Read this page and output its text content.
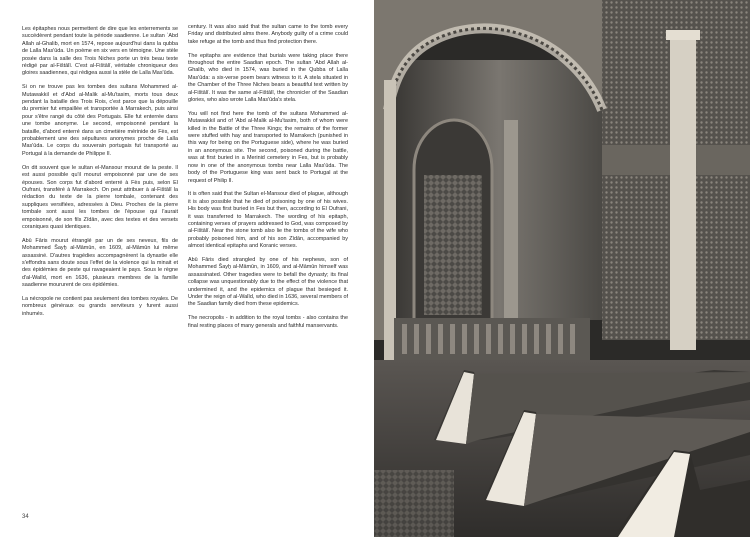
Les épitaphes nous permettent de dire que les enterrements se succédèrent pendant toute la période saadienne. Le sultan ʿAbd Allah al-Ghalib, mort en 1574, repose aujourd'hui dans la qubba de Lalla Mas'ūda. Un poème en six vers en témoigne. Une stèle posée dans la salle des Trois Niches porte un très beau texte rédigé par al-Fištālī. C'est al-Fištālī, véritable chroniqueur des gloires saadiennes, qui rédigea aussi la stèle de Lalla Mas'ūda.

Si on ne trouve pas les tombes des sultans Mohammed al-Mutawakkil et d'Abd al-Malik al-Mu'tasim, morts tous deux pendant la bataille des Trois Rois, c'est parce que la dépouille du premier fut empaillée et transportée à Marrakech, puis ainsi pour s'être rangé du côté des Portugais. Elle fut enterrée dans une tombe anonyme. Le second, empoisonné pendant la bataille, d'abord enterré dans un cimetière mérinide de Fès, est probablement une des sépultures anonymes proche de Lalla Mas'ūda. Le corps du souverain portugais fut transporté au Portugal à la demande de Philippe II.

On dit souvent que le sultan el-Mansour mourut de la peste. Il est aussi possible qu'il mourut empoisonné par une de ses épouses. Son corps fut d'abord enterré à Fès puis, selon El Oufrani, transféré à Marrakech. On peut attribuer à al-Fištālī la rédaction du texte de la pierre tombale, contenant des suppliques versifiées, adressées à Dieu. Proches de la pierre tombale sont aussi les tombes de l'épouse qui l'aurait empoisonné, de son fils Zīdān, avec des textes et des versets coraniques quasi identiques.

Abū Fāris mourut étranglé par un de ses neveux, fils de Mohammed Šayḫ al-Māmūn, en 1609, al-Māmūn lui même assassiné. D'autres tragédies accompagnèrent la dynastie elle s'effondra sans doute sous l'effet de la violence qui la minait et des épidémies de peste qui ravageaient le pays. Sous le règne d'al-Walīd, mort en 1636, plusieurs membres de la famille saadienne moururent de ces épidémies.

La nécropole ne contient pas seulement des tombes royales. De nombreux généraux ou grands serviteurs y furent aussi inhumés.

century. It was also said that the sultan came to the tomb every Friday and distributed alms there. Anybody guilty of a crime could take refuge at the tomb and thus find protection there.

The epitaphs are evidence that burials were taking place there throughout the entire Saadian epoch. The sultan 'Abd Allah al-Ghalib, who died in 1574, was buried in the Qubba of Lalla Mas'ūda: a six-verse poem bears witness to it. A stela situated in the Chamber of the Three Niches bears a beautiful text written by al-Fištālī. It was the same al-Fištālī, the chronicler of the Saadian glories, who also wrote Lalla Mas'ūda's stela.

You will not find here the tomb of the sultans Mohammed al-Mutawakkil and of 'Abd al-Malik al-Mu'tasim, both of whom were killed in the Battle of the Three Kings; the remains of the former were stuffed with hay and transported to Marrakech (punished in this way for being on the Portuguese side), where he was buried in an anonymous site. The second, poisoned during the battle, was at first buried in a Merinid cemetery in Fes, but is probably now in one of the anonymous tombs near Lalla Mas'ūda. The body of the Portuguese king was sent back to Portugal at the request of Philip II.

It is often said that the Sultan el-Mansour died of plague, although it is also possible that he died of poisoning by one of his wives. His body was first buried in Fes but then, according to El Oufrani, it was transferred to Marrakech. The wording of his epitaph, containing verses of prayers addressed to God, was composed by al-Fištālī. Near the stone tomb also lie the tombs of the wife who probably poisoned him, and of his son Zīdān, accompanied by almost identical epitaphs and Koranic verses.

Abū Fāris died strangled by one of his nephews, son of Mohammed Šayḫ al-Māmūn, in 1609, and al-Māmūn himself was assassinated. Other tragedies were to befall the dynasty; its final collapse was unquestionably due to the effect of the violence that undermined it, and the epidemics of plague that besieged it. Under the reign of al-Walīd, who died in 1636, several members of the Saadian family died from these epidemics.

The necropolis - in addition to the royal tombs - also contains the final resting places of many generals and faithful manservants.

34
